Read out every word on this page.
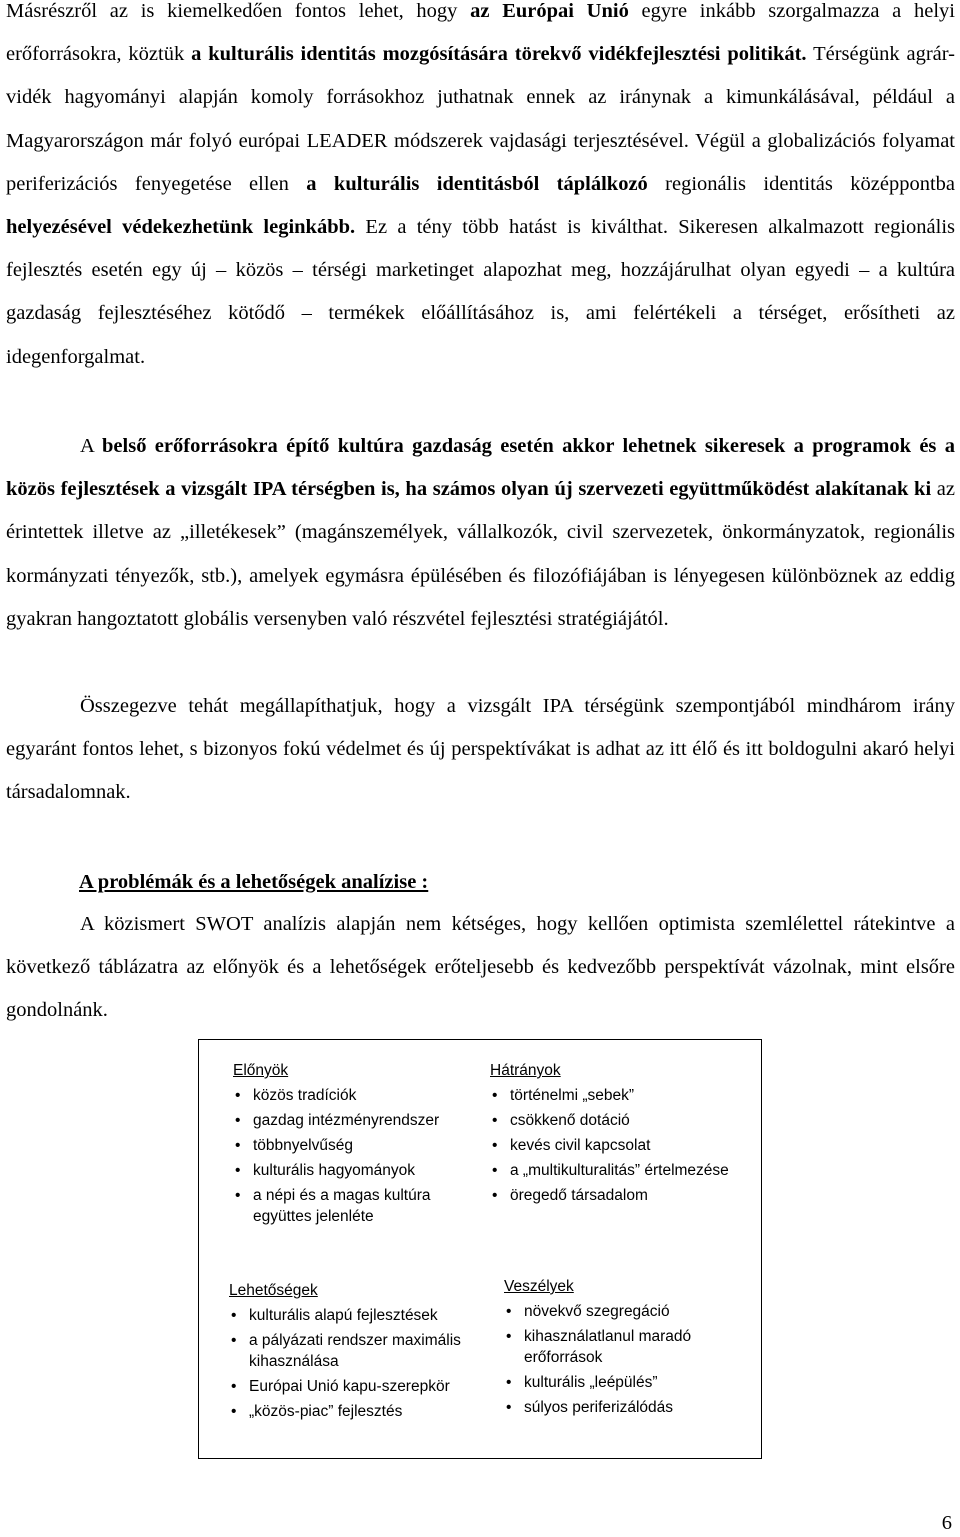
Másrészről az is kiemelkedően fontos lehet, hogy az Európai Unió egyre inkább szorgalmazza a helyi erőforrásokra, köztük a kulturális identitás mozgósítására törekvő vidékfejlesztési politikát. Térségünk agrár-vidék hagyományi alapján komoly forrásokhoz juthatnak ennek az iránynak a kimunkálásával, például a Magyarországon már folyó európai LEADER módszerek vajdasági terjesztésével. Végül a globalizációs folyamat periferizációs fenyegetése ellen a kulturális identitásból táplálkozó regionális identitás középpontba helyezésével védekezhetünk leginkább. Ez a tény több hatást is kiválthat. Sikeresen alkalmazott regionális fejlesztés esetén egy új – közös – térségi marketinget alapozhat meg, hozzájárulhat olyan egyedi – a kultúra gazdaság fejlesztéséhez kötődő – termékek előállításához is, ami felértékeli a térséget, erősítheti az idegenforgalmat.

A belső erőforrásokra építő kultúra gazdaság esetén akkor lehetnek sikeresek a programok és a közös fejlesztések a vizsgált IPA térségben is, ha számos olyan új szervezeti együttműködést alakítanak ki az érintettek illetve az „illetékesek” (magánszemélyek, vállalkozók, civil szervezetek, önkormányzatok, regionális kormányzati tényezők, stb.), amelyek egymásra épülésében és filozófiájában is lényegesen különböznek az eddig gyakran hangoztatott globális versenyben való részvétel fejlesztési stratégiájától.

Összegezve tehát megállapíthatjuk, hogy a vizsgált IPA térségünk szempontjából mindhárom irány egyaránt fontos lehet, s bizonyos fokú védelmet és új perspektívákat is adhat az itt élő és itt boldogulni akaró helyi társadalomnak.

A problémák és a lehetőségek analízise :

A közismert SWOT analízis alapján nem kétséges, hogy kellően optimista szemlélettel rátekintve a következő táblázatra az előnyök és a lehetőségek erőteljesebb és kedvezőbb perspektívát vázolnak, mint elsőre gondolnánk.

Előnyök
• közös tradíciók
• gazdag intézményrendszer
• többnyelvűség
• kulturális hagyományok
• a népi és a magas kultúra együttes jelenléte
Hátrányok
• történelmi „sebek”
• csökkenő dotáció
• kevés civil kapcsolat
• a „multikulturalitás” értelmezése
• öregedő társadalom
Lehetőségek
• kulturális alapú fejlesztések
• a pályázati rendszer maximális kihasználása
• Európai Unió kapu-szerepkör
• „közös-piac” fejlesztés
Veszélyek
• növekvő szegregáció
• kihasználatlanul maradó erőforrások
• kulturális „leépülés”
• súlyos periferizálódás

6
